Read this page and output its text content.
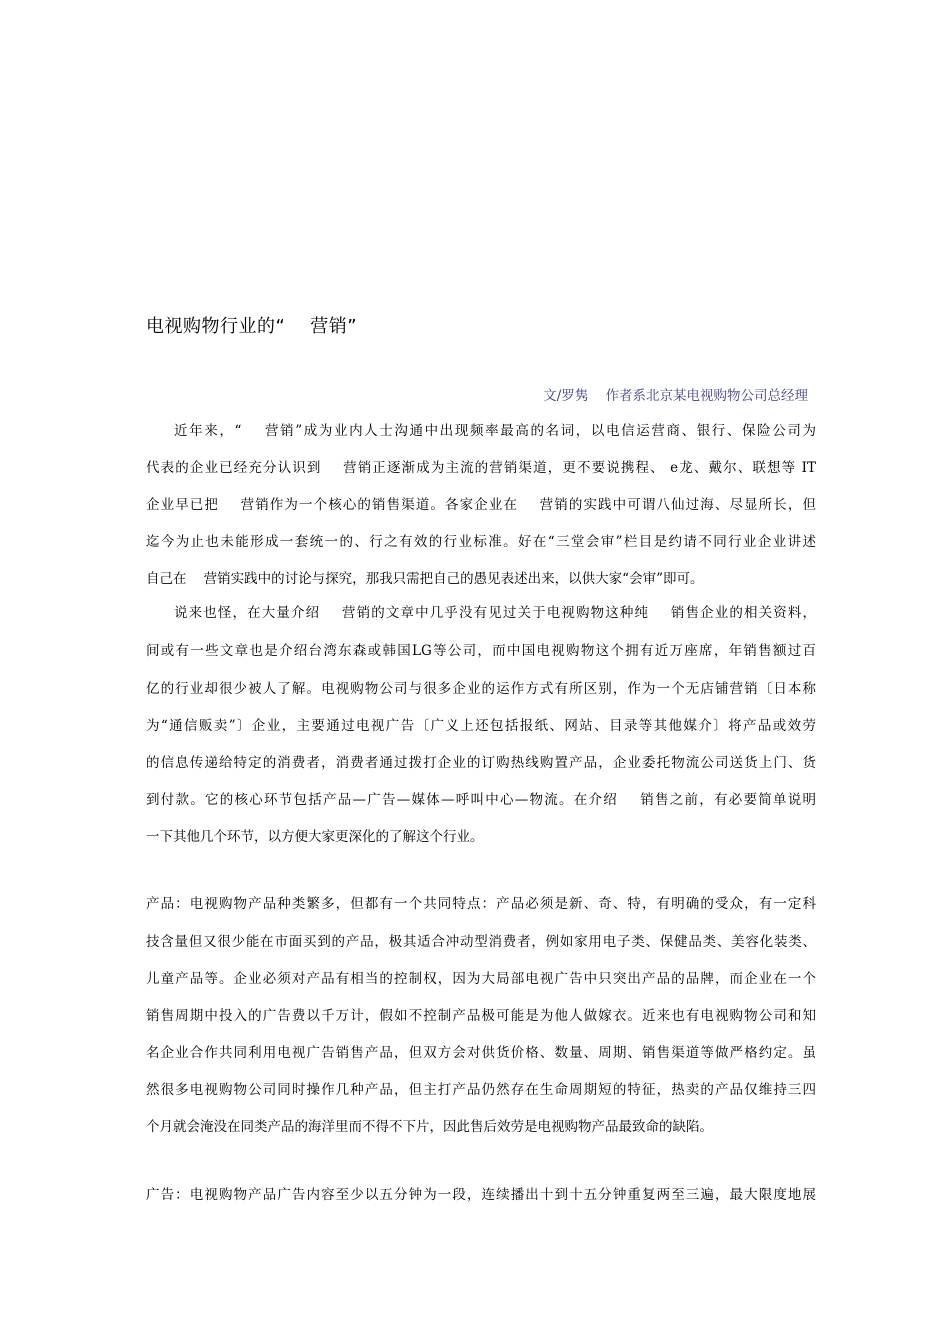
电视购物行业的“    营销”
文/罗隽 作者系北京某电视购物公司总经理
近年来，“    营销”成为业内人士沟通中出现频率最高的名词，以电信运营商、银行、保险公司为
代表的企业已经充分认识到    营销正逐渐成为主流的营销渠道，更不要说携程、 e龙、戴尔、联想等 IT
企业早已把    营销作为一个核心的销售渠道。各家企业在    营销的实践中可谓八仙过海、尽显所长，但
迄今为止也未能形成一套统一的、行之有效的行业标准。好在“三堂会审”栏目是约请不同行业企业讲述
自己在    营销实践中的讨论与探究，那我只需把自己的愚见表述出来，以供大家“会审”即可。
说来也怪，在大量介绍    营销的文章中几乎没有见过关于电视购物这种纯    销售企业的相关资料，
间或有一些文章也是介绍台湾东森或韩国LG等公司，而中国电视购物这个拥有近万座席，年销售额过百
亿的行业却很少被人了解。电视购物公司与很多企业的运作方式有所区别，作为一个无店铺营销〔日本称
为“通信贩卖”〕企业，主要通过电视广告〔广义上还包括报纸、网站、目录等其他媒介〕将产品或效劳
的信息传递给特定的消费者，消费者通过拨打企业的订购热线购置产品，企业委托物流公司送货上门、货
到付款。它的核心环节包括产品—广告—媒体—呼叫中心—物流。在介绍    销售之前，有必要简单说明
一下其他几个环节，以方便大家更深化的了解这个行业。
产品：电视购物产品种类繁多，但都有一个共同特点：产品必须是新、奇、特，有明确的受众，有一定科
技含量但又很少能在市面买到的产品，极其适合冲动型消费者，例如家用电子类、保健品类、美容化装类、
儿童产品等。企业必须对产品有相当的控制权，因为大局部电视广告中只突出产品的品牌，而企业在一个
销售周期中投入的广告费以千万计，假如不控制产品极可能是为他人做嫁衣。近来也有电视购物公司和知
名企业合作共同利用电视广告销售产品，但双方会对供货价格、数量、周期、销售渠道等做严格约定。虽
然很多电视购物公司同时操作几种产品，但主打产品仍然存在生命周期短的特征，热卖的产品仅维持三四
个月就会淹没在同类产品的海洋里而不得不下片，因此售后效劳是电视购物产品最致命的缺陷。
广告：电视购物产品广告内容至少以五分钟为一段，连续播出十到十五分钟重复两至三遍，最大限度地展
